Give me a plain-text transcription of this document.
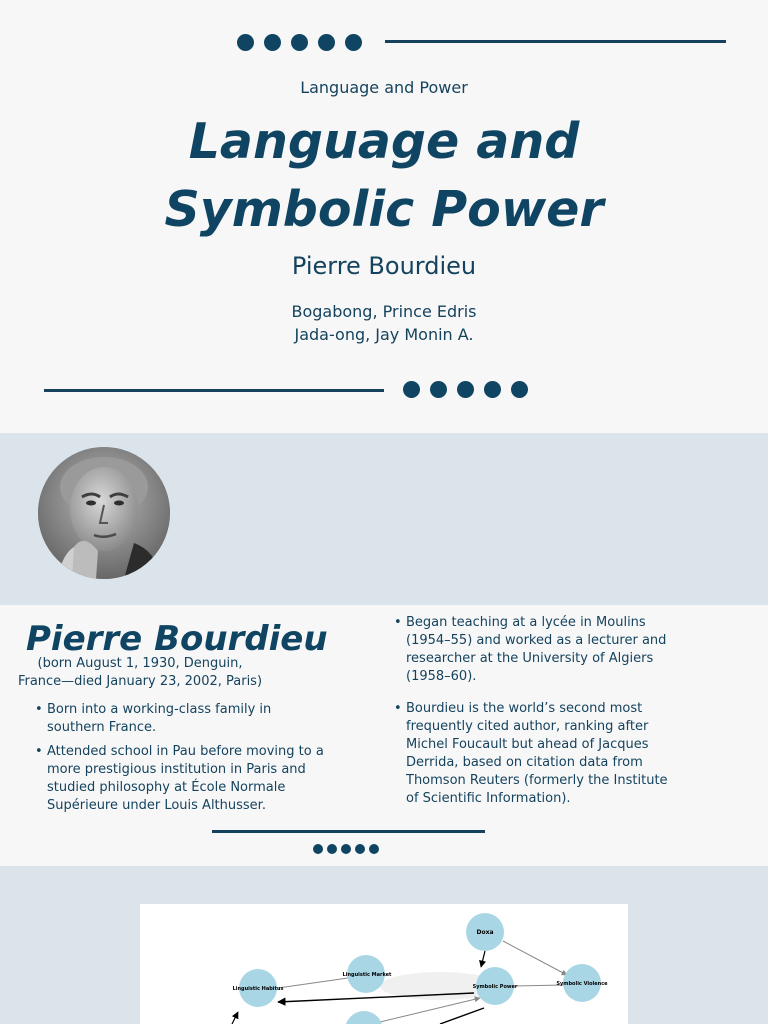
Language and Power
Language and
Symbolic Power
Pierre Bourdieu
Bogabong, Prince Edris
Jada-ong, Jay Monin A.
Pierre Bourdieu
(born August 1, 1930, Denguin,
France—died January 23, 2002, Paris)
• Born into a working-class family in southern France.
• Attended school in Pau before moving to a more prestigious institution in Paris and studied philosophy at École Normale Supérieure under Louis Althusser.
• Began teaching at a lycée in Moulins (1954–55) and worked as a lecturer and researcher at the University of Algiers (1958–60).
• Bourdieu is the world’s second most frequently cited author, ranking after Michel Foucault but ahead of Jacques Derrida, based on citation data from Thomson Reuters (formerly the Institute of Scientific Information).
Doxa
Linguistic Market
Linguistic Habitus	Symbolic Power	Symbolic Violence
